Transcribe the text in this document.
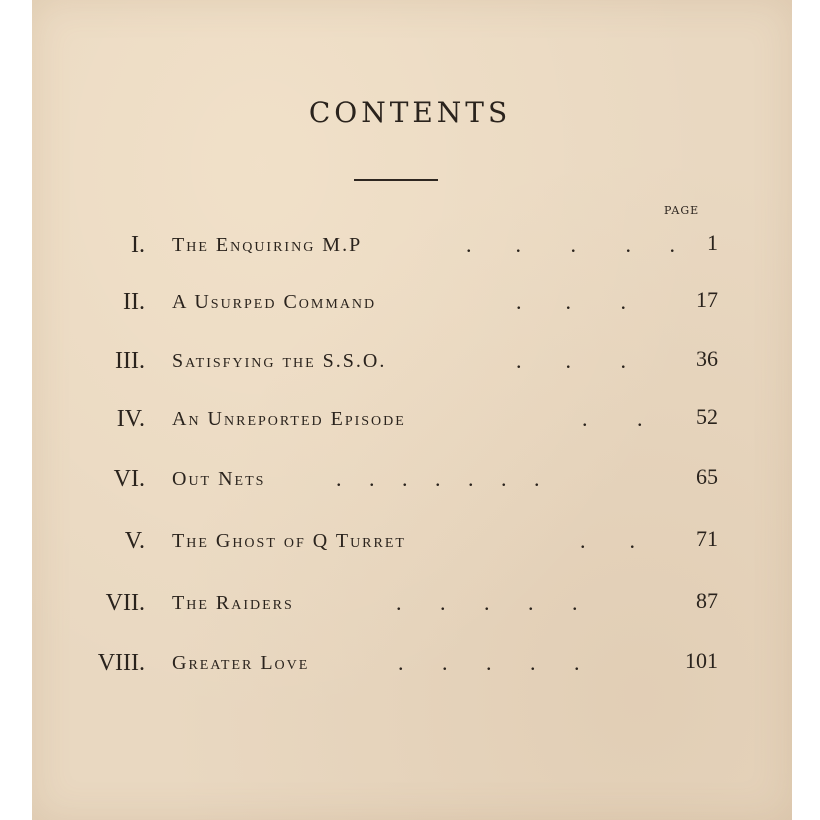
CONTENTS
PAGE
I. The Enquiring M.P	.        .         .         .       . 1
II. A Usurped Command	.        .         .	17
III. Satisfying the S.S.O.	.        .         .	36
IV. An Unreported Episode	.         . 52
VI. Out Nets	.     .     .     .     .     .     .	65
V. The Ghost of Q Turret	.        .	71
VII. The Raiders	.       .       .       .       .	87
VIII. Greater Love	.       .       .       .       .	101
